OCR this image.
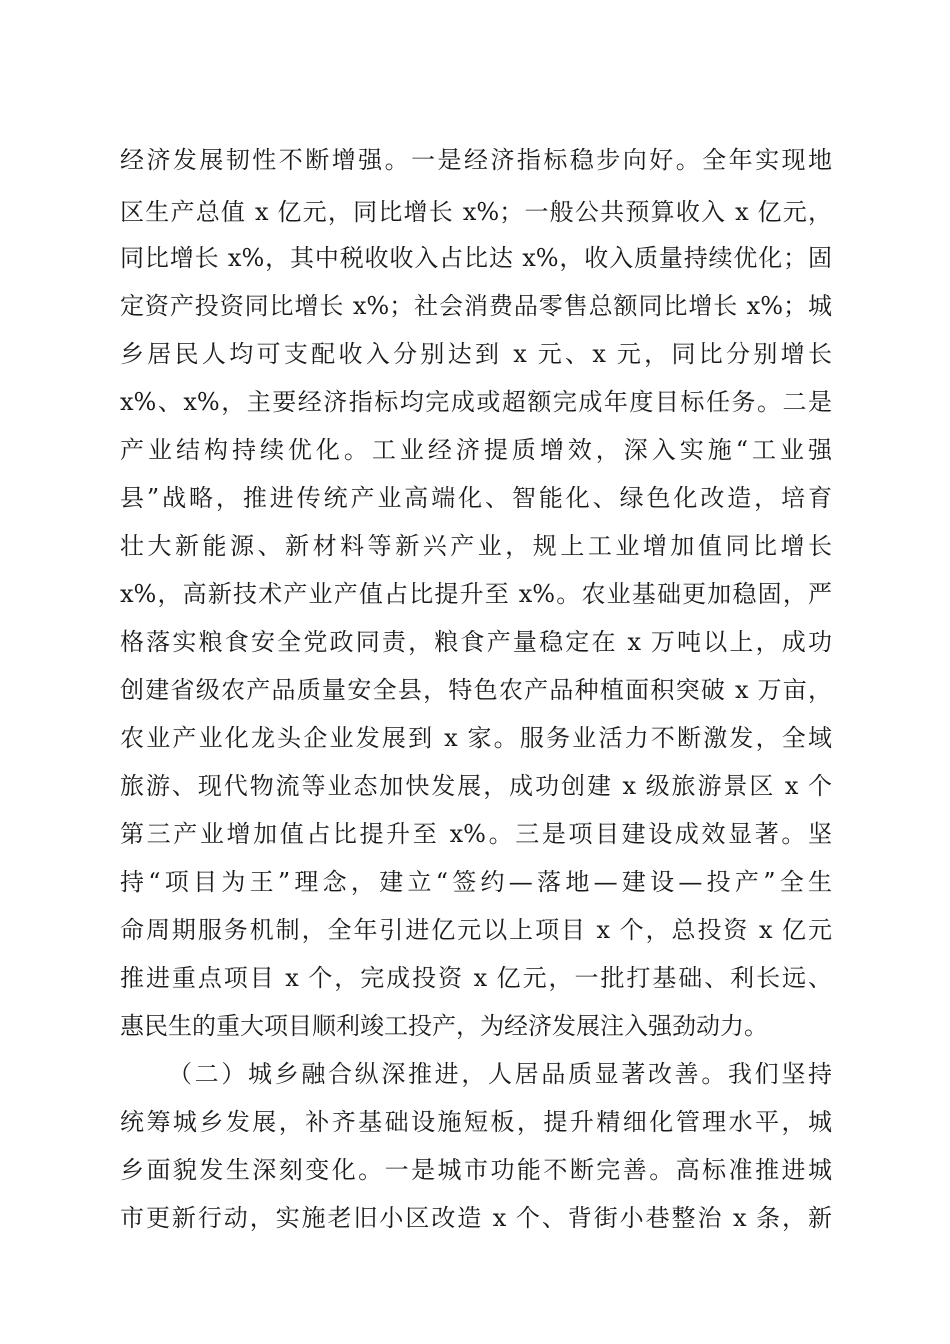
经济发展韧性不断增强。一是经济指标稳步向好。全年实现地
区生产总值 x 亿元，同比增长 x%；一般公共预算收入 x 亿元，
同比增长 x%，其中税收收入占比达 x%，收入质量持续优化；固
定资产投资同比增长 x%；社会消费品零售总额同比增长 x%；城
乡居民人均可支配收入分别达到 x 元、x 元，同比分别增长
x%、x%，主要经济指标均完成或超额完成年度目标任务。二是
产业结构持续优化。工业经济提质增效，深入实施“工业强
县”战略，推进传统产业高端化、智能化、绿色化改造，培育
壮大新能源、新材料等新兴产业，规上工业增加值同比增长
x%，高新技术产业产值占比提升至 x%。农业基础更加稳固，严
格落实粮食安全党政同责，粮食产量稳定在 x 万吨以上，成功
创建省级农产品质量安全县，特色农产品种植面积突破 x 万亩，
农业产业化龙头企业发展到 x 家。服务业活力不断激发，全域
旅游、现代物流等业态加快发展，成功创建 x 级旅游景区 x 个
第三产业增加值占比提升至 x%。三是项目建设成效显著。坚
持“项目为王”理念，建立“签约—落地—建设—投产”全生
命周期服务机制，全年引进亿元以上项目 x 个，总投资 x 亿元
推进重点项目 x 个，完成投资 x 亿元，一批打基础、利长远、
惠民生的重大项目顺利竣工投产，为经济发展注入强劲动力。
（二）城乡融合纵深推进，人居品质显著改善。我们坚持
统筹城乡发展，补齐基础设施短板，提升精细化管理水平，城
乡面貌发生深刻变化。一是城市功能不断完善。高标准推进城
市更新行动，实施老旧小区改造 x 个、背街小巷整治 x 条，新
